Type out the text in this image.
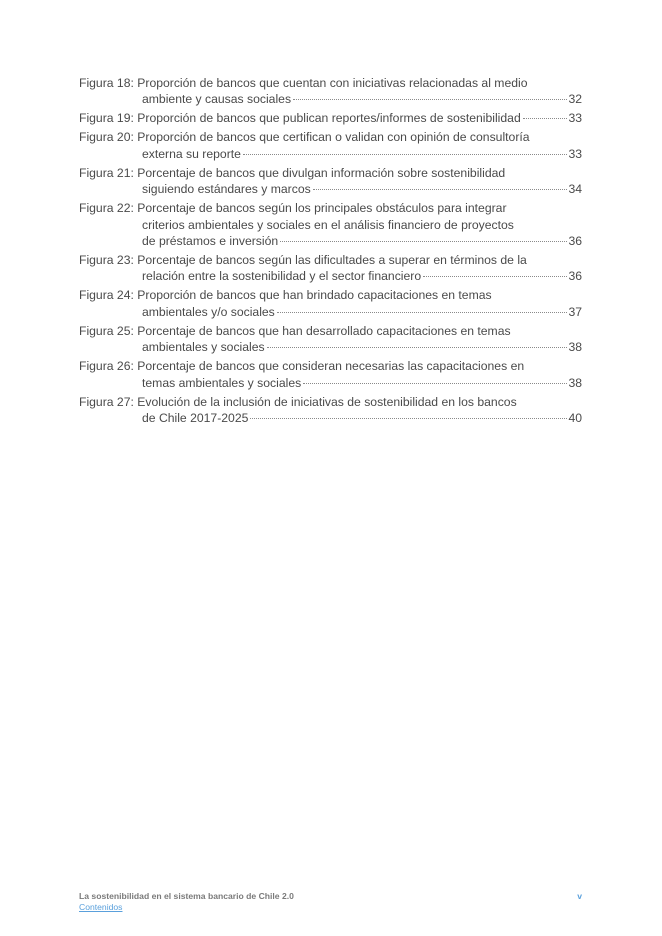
Figura 18: Proporción de bancos que cuentan con iniciativas relacionadas al medio
ambiente y causas sociales	32
Figura 19: Proporción de bancos que publican reportes/informes de sostenibilidad	33
Figura 20: Proporción de bancos que certifican o validan con opinión de consultoría
externa su reporte	33
Figura 21: Porcentaje de bancos que divulgan información sobre sostenibilidad
siguiendo estándares y marcos	34
Figura 22: Porcentaje de bancos según los principales obstáculos para integrar
criterios ambientales y sociales en el análisis financiero de proyectos
de préstamos e inversión	36
Figura 23: Porcentaje de bancos según las dificultades a superar en términos de la
relación entre la sostenibilidad y el sector financiero	36
Figura 24: Proporción de bancos que han brindado capacitaciones en temas
ambientales y/o sociales	37
Figura 25: Porcentaje de bancos que han desarrollado capacitaciones en temas
ambientales y sociales	38
Figura 26: Porcentaje de bancos que consideran necesarias las capacitaciones en
temas ambientales y sociales	38
Figura 27: Evolución de la inclusión de iniciativas de sostenibilidad en los bancos
de Chile 2017-2025	40
La sostenibilidad en el sistema bancario de Chile 2.0
Contenidos
v
